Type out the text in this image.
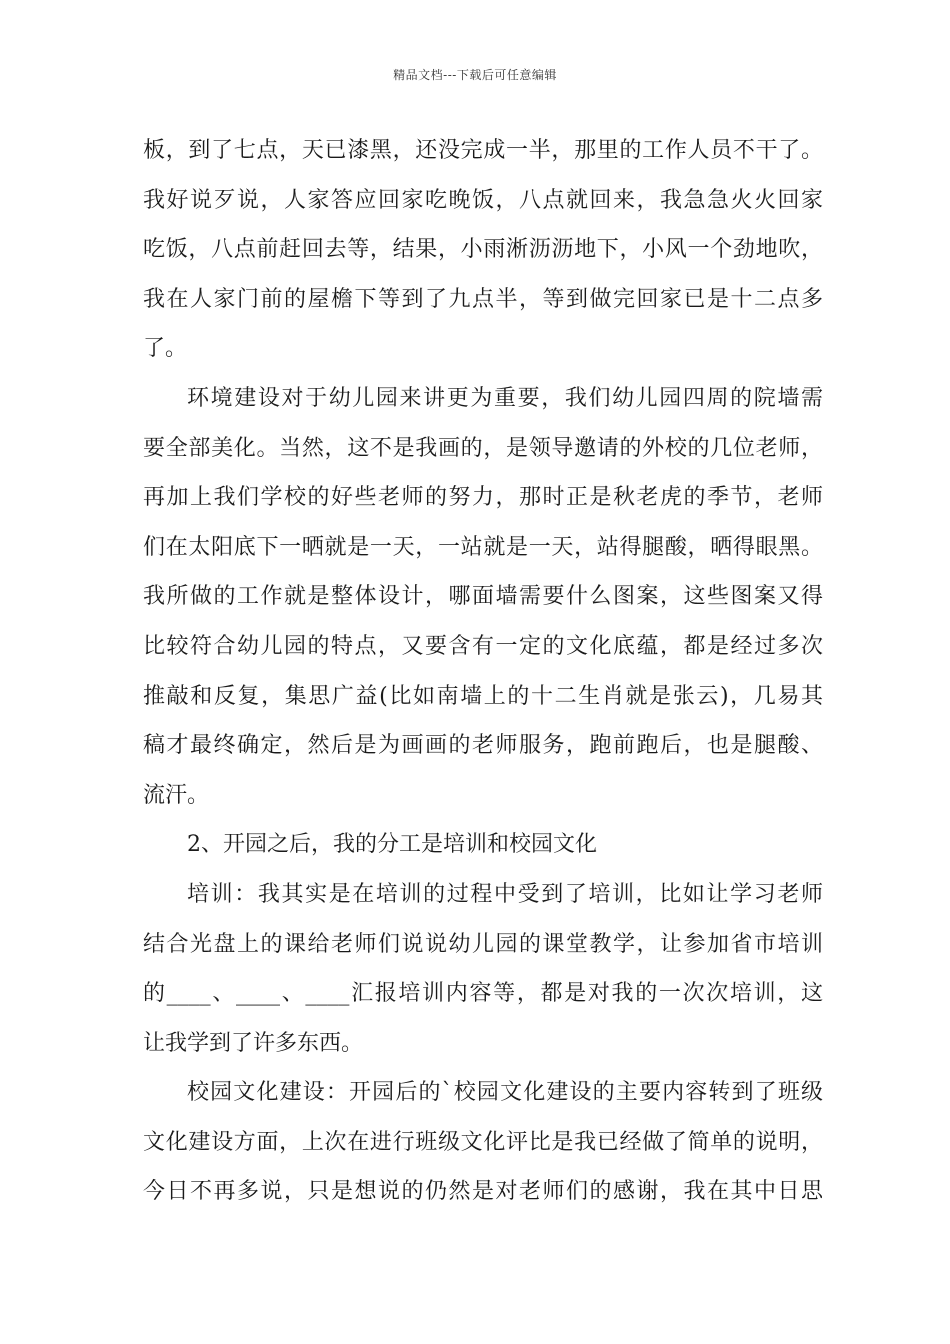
精品文档---下载后可任意编辑
板，到了七点，天已漆黑，还没完成一半，那里的工作人员不干了。
我好说歹说，人家答应回家吃晚饭，八点就回来，我急急火火回家
吃饭，八点前赶回去等，结果，小雨淅沥沥地下，小风一个劲地吹，
我在人家门前的屋檐下等到了九点半，等到做完回家已是十二点多
了。
环境建设对于幼儿园来讲更为重要，我们幼儿园四周的院墙需
要全部美化。当然，这不是我画的，是领导邀请的外校的几位老师，
再加上我们学校的好些老师的努力，那时正是秋老虎的季节，老师
们在太阳底下一晒就是一天，一站就是一天，站得腿酸，晒得眼黑。
我所做的工作就是整体设计，哪面墙需要什么图案，这些图案又得
比较符合幼儿园的特点，又要含有一定的文化底蕴，都是经过多次
推敲和反复，集思广益(比如南墙上的十二生肖就是张云)，几易其
稿才最终确定，然后是为画画的老师服务，跑前跑后，也是腿酸、
流汗。
2、开园之后，我的分工是培训和校园文化
培训：我其实是在培训的过程中受到了培训，比如让学习老师
结合光盘上的课给老师们说说幼儿园的课堂教学，让参加省市培训
的____、____、____汇报培训内容等，都是对我的一次次培训，这
让我学到了许多东西。
校园文化建设：开园后的`校园文化建设的主要内容转到了班级
文化建设方面，上次在进行班级文化评比是我已经做了简单的说明，
今日不再多说，只是想说的仍然是对老师们的感谢，我在其中日思
